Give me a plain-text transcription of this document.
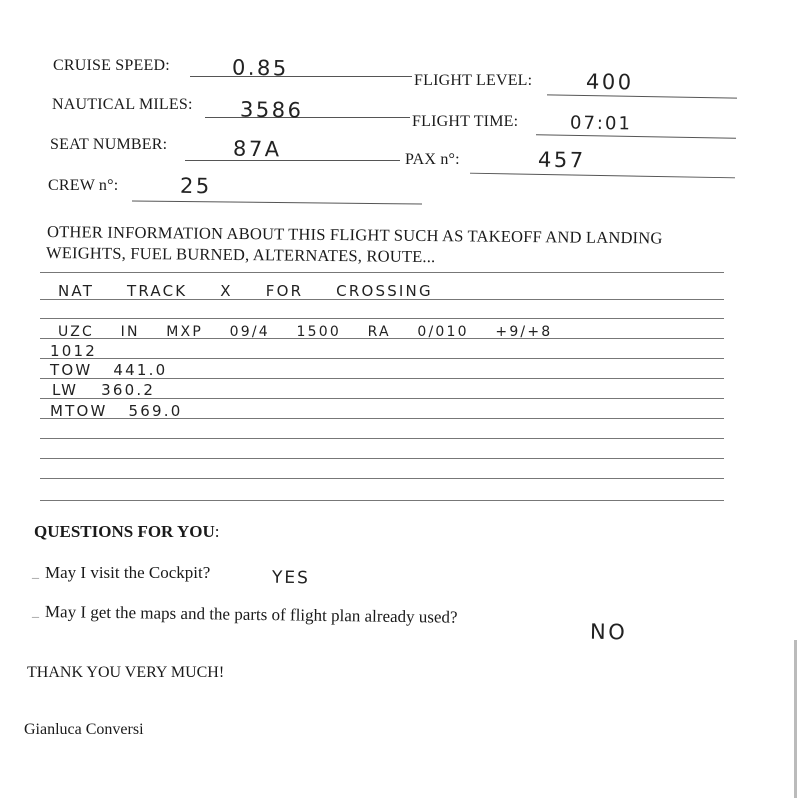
CRUISE SPEED:	0.85
FLIGHT LEVEL:	400
NAUTICAL MILES: 3586	FLIGHT TIME:	07:01
SEAT NUMBER:	87A	PAX n°:	457
CREW n°:	25
OTHER INFORMATION ABOUT THIS FLIGHT SUCH AS TAKEOFF AND LANDING
WEIGHTS, FUEL BURNED, ALTERNATES, ROUTE...
NAT TRACK X FOR CROSSING
UZC IN MXP 09/4 1500 RA 0/010 +9/+8
1012
TOW 441.0
LW 360.2
MTOW 569.0
QUESTIONS FOR YOU:
_ May I visit the Cockpit?	YES
_ May I get the maps and the parts of flight plan already used?
NO
THANK YOU VERY MUCH!
Gianluca Conversi
